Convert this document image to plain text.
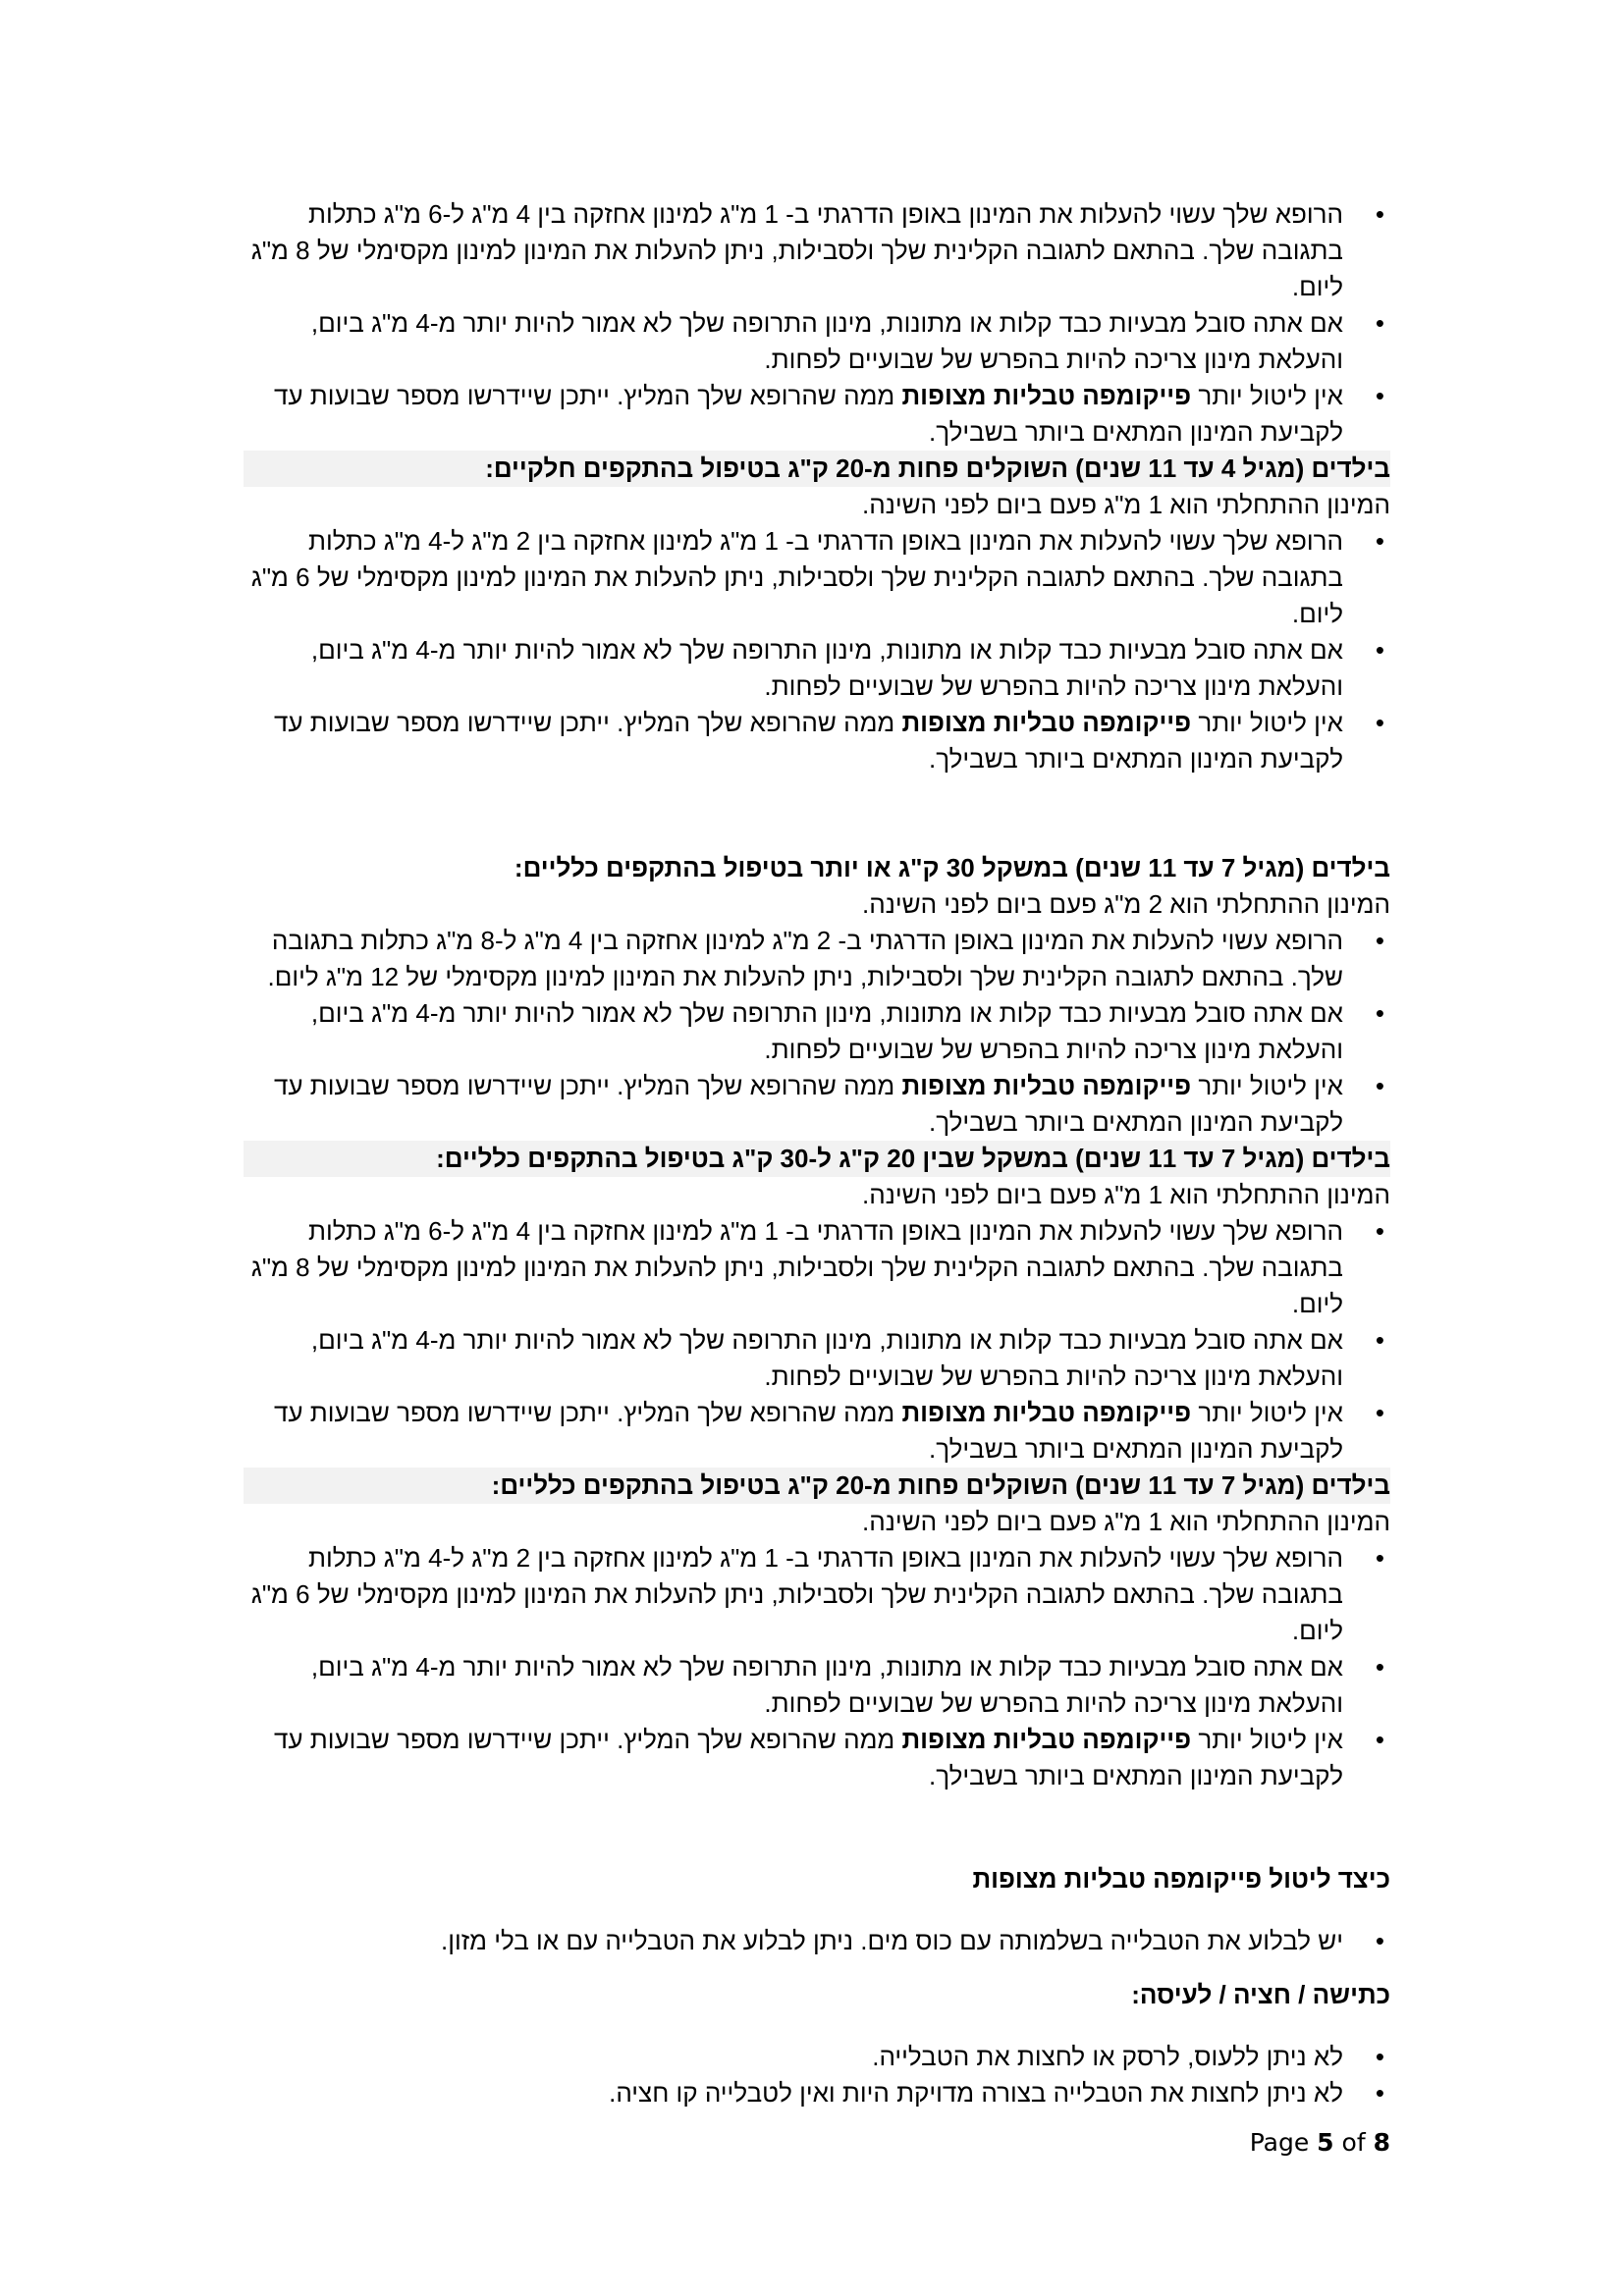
•
הרופא שלך עשוי להעלות את המינון באופן הדרגתי ב- 1 מ"ג למינון אחזקה בין 4 מ"ג ל-6 מ"ג כתלות בתגובה שלך. בהתאם לתגובה הקלינית שלך ולסבילות, ניתן להעלות את המינון למינון מקסימלי של 8 מ"ג ליום.
•
אם אתה סובל מבעיות כבד קלות או מתונות, מינון התרופה שלך לא אמור להיות יותר מ-4 מ"ג ביום, והעלאת מינון צריכה להיות בהפרש של שבועיים לפחות.
•
אין ליטול יותר פייקומפה טבליות מצופות ממה שהרופא שלך המליץ. ייתכן שיידרשו מספר שבועות עד לקביעת המינון המתאים ביותר בשבילך.
בילדים (מגיל 4 עד 11 שנים) השוקלים פחות מ-20 ק"ג בטיפול בהתקפים חלקיים:
המינון ההתחלתי הוא 1 מ"ג פעם ביום לפני השינה.
•
הרופא שלך עשוי להעלות את המינון באופן הדרגתי ב- 1 מ"ג למינון אחזקה בין 2 מ"ג ל-4 מ"ג כתלות בתגובה שלך. בהתאם לתגובה הקלינית שלך ולסבילות, ניתן להעלות את המינון למינון מקסימלי של 6 מ"ג ליום.
•
אם אתה סובל מבעיות כבד קלות או מתונות, מינון התרופה שלך לא אמור להיות יותר מ-4 מ"ג ביום, והעלאת מינון צריכה להיות בהפרש של שבועיים לפחות.
•
אין ליטול יותר פייקומפה טבליות מצופות ממה שהרופא שלך המליץ. ייתכן שיידרשו מספר שבועות עד לקביעת המינון המתאים ביותר בשבילך.
בילדים (מגיל 7 עד 11 שנים) במשקל 30 ק"ג או יותר בטיפול בהתקפים כלליים:
המינון ההתחלתי הוא 2 מ"ג פעם ביום לפני השינה.
•
הרופא עשוי להעלות את המינון באופן הדרגתי ב- 2 מ"ג למינון אחזקה בין 4 מ"ג ל-8 מ"ג כתלות בתגובה שלך. בהתאם לתגובה הקלינית שלך ולסבילות, ניתן להעלות את המינון למינון מקסימלי של 12 מ"ג ליום.
•
אם אתה סובל מבעיות כבד קלות או מתונות, מינון התרופה שלך לא אמור להיות יותר מ-4 מ"ג ביום, והעלאת מינון צריכה להיות בהפרש של שבועיים לפחות.
•
אין ליטול יותר פייקומפה טבליות מצופות ממה שהרופא שלך המליץ. ייתכן שיידרשו מספר שבועות עד לקביעת המינון המתאים ביותר בשבילך.
בילדים (מגיל 7 עד 11 שנים) במשקל שבין 20 ק"ג ל-30 ק"ג בטיפול בהתקפים כלליים:
המינון ההתחלתי הוא 1 מ"ג פעם ביום לפני השינה.
•
הרופא שלך עשוי להעלות את המינון באופן הדרגתי ב- 1 מ"ג למינון אחזקה בין 4 מ"ג ל-6 מ"ג כתלות בתגובה שלך. בהתאם לתגובה הקלינית שלך ולסבילות, ניתן להעלות את המינון למינון מקסימלי של 8 מ"ג ליום.
•
אם אתה סובל מבעיות כבד קלות או מתונות, מינון התרופה שלך לא אמור להיות יותר מ-4 מ"ג ביום, והעלאת מינון צריכה להיות בהפרש של שבועיים לפחות.
•
אין ליטול יותר פייקומפה טבליות מצופות ממה שהרופא שלך המליץ. ייתכן שיידרשו מספר שבועות עד לקביעת המינון המתאים ביותר בשבילך.
בילדים (מגיל 7 עד 11 שנים) השוקלים פחות מ-20 ק"ג בטיפול בהתקפים כלליים:
המינון ההתחלתי הוא 1 מ"ג פעם ביום לפני השינה.
•
הרופא שלך עשוי להעלות את המינון באופן הדרגתי ב- 1 מ"ג למינון אחזקה בין 2 מ"ג ל-4 מ"ג כתלות בתגובה שלך. בהתאם לתגובה הקלינית שלך ולסבילות, ניתן להעלות את המינון למינון מקסימלי של 6 מ"ג ליום.
•
אם אתה סובל מבעיות כבד קלות או מתונות, מינון התרופה שלך לא אמור להיות יותר מ-4 מ"ג ביום, והעלאת מינון צריכה להיות בהפרש של שבועיים לפחות.
•
אין ליטול יותר פייקומפה טבליות מצופות ממה שהרופא שלך המליץ. ייתכן שיידרשו מספר שבועות עד לקביעת המינון המתאים ביותר בשבילך.
כיצד ליטול פייקומפה טבליות מצופות
•
יש לבלוע את הטבלייה בשלמותה עם כוס מים. ניתן לבלוע את הטבלייה עם או בלי מזון.
כתישה / חציה / לעיסה:
•
לא ניתן ללעוס, לרסק או לחצות את הטבלייה.
•
לא ניתן לחצות את הטבלייה בצורה מדויקת היות ואין לטבלייה קו חציה.
Page 5 of 8
